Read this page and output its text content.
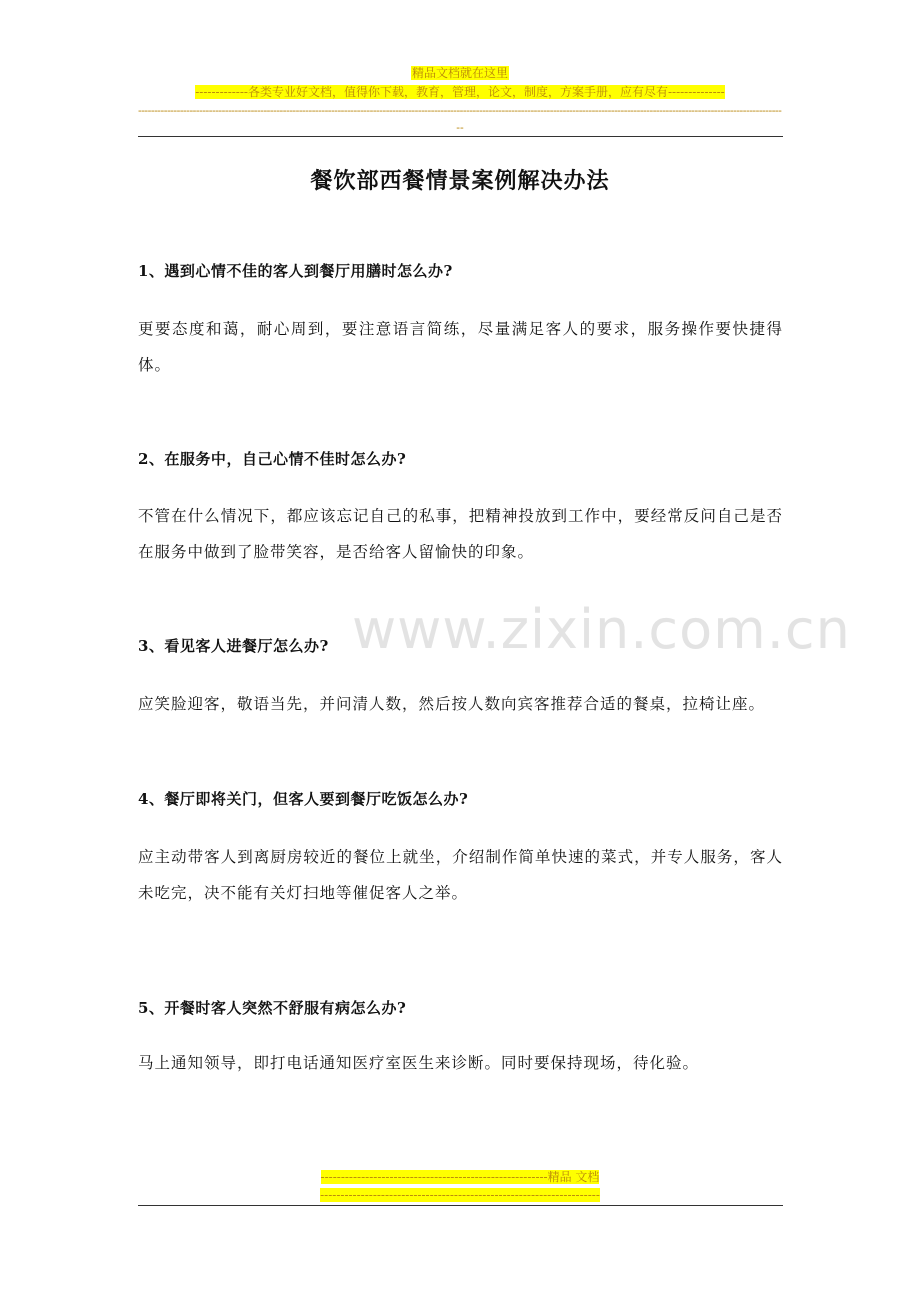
精品文档就在这里
-------------各类专业好文档，值得你下载，教育，管理，论文，制度，方案手册，应有尽有--------------
--------------------------------------------------------------------------------------------------------------------------------------------------------------------------------------------------------
--
餐饮部西餐情景案例解决办法
1、遇到心情不佳的客人到餐厅用膳时怎么办?
更要态度和蔼，耐心周到，要注意语言简练，尽量满足客人的要求，服务操作要快捷得体。
2、在服务中，自己心情不佳时怎么办?
不管在什么情况下，都应该忘记自己的私事，把精神投放到工作中，要经常反问自己是否在服务中做到了脸带笑容，是否给客人留愉快的印象。
www.zixin.com.cn
3、看见客人进餐厅怎么办?
应笑脸迎客，敬语当先，并问清人数，然后按人数向宾客推荐合适的餐桌，拉椅让座。
4、餐厅即将关门，但客人要到餐厅吃饭怎么办?
应主动带客人到离厨房较近的餐位上就坐，介绍制作简单快速的菜式，并专人服务，客人未吃完，决不能有关灯扫地等催促客人之举。
5、开餐时客人突然不舒服有病怎么办?
马上通知领导，即打电话通知医疗室医生来诊断。同时要保持现场，待化验。
--------------------------------------------------------精品 文档
---------------------------------------------------------------------
